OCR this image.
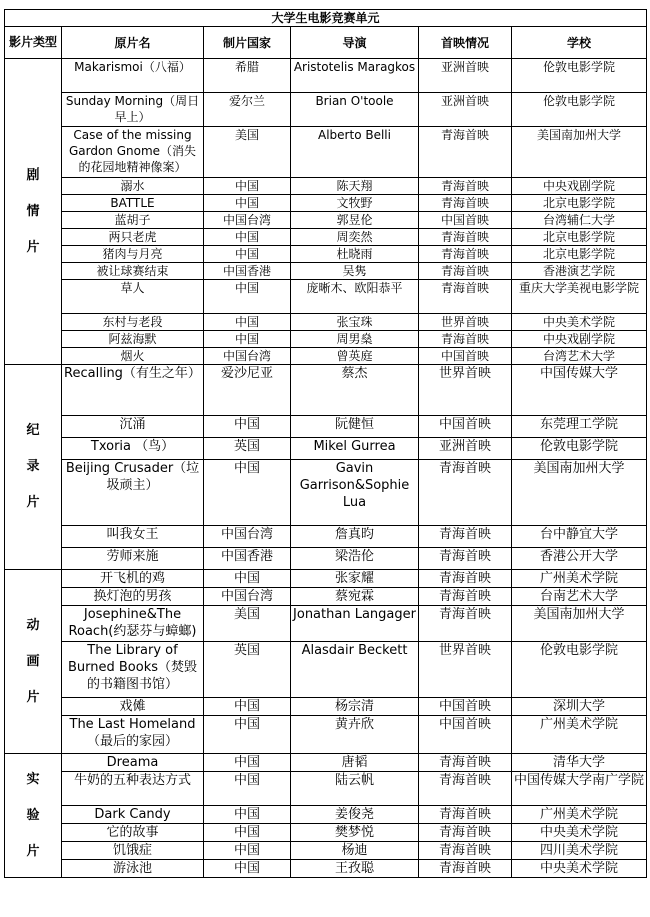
大学生电影竞赛单元					
影片类型	原片名	制片国家	导演	首映情况	学校

剧
情
片	Makarismoi（八福）	希腊	Aristotelis Maragkos	亚洲首映	伦敦电影学院
	Sunday Morning（周日早上）	爱尔兰	Brian O'toole	亚洲首映	伦敦电影学院
	Case of the missing Gardon Gnome（消失的花园地精神像案）	美国	Alberto Belli	青海首映	美国南加州大学
	溺水	中国	陈天翔	青海首映	中央戏剧学院
	BATTLE	中国	文牧野	青海首映	北京电影学院
	蓝胡子	中国台湾	郭昱伦	中国首映	台湾辅仁大学
	两只老虎	中国	周奕然	青海首映	北京电影学院
	猪肉与月亮	中国	杜晓雨	青海首映	北京电影学院
	被让球赛结束	中国香港	吴隽	青海首映	香港演艺学院
	草人	中国	庞晰木、欧阳恭平	青海首映	重庆大学美视电影学院
	东村与老段	中国	张宝珠	世界首映	中央美术学院
	阿兹海默	中国	周男燊	青海首映	中央戏剧学院
	烟火	中国台湾	曾英庭	中国首映	台湾艺术大学

纪
录
片	Recalling（有生之年）	爱沙尼亚	蔡杰	世界首映	中国传媒大学
	沉涌	中国	阮健恒	中国首映	东莞理工学院
	Txoria （鸟）	英国	Mikel Gurrea	亚洲首映	伦敦电影学院
	Beijing Crusader（垃圾顽主）	中国	Gavin Garrison&Sophie Lua	青海首映	美国南加州大学
	叫我女王	中国台湾	詹真昀	青海首映	台中静宜大学
	劳师来施	中国香港	梁浩伦	青海首映	香港公开大学

动
画
片	开飞机的鸡	中国	张家耀	青海首映	广州美术学院
	换灯泡的男孩	中国台湾	蔡宛霖	青海首映	台南艺术大学
	Josephine&The Roach(约瑟芬与蟑螂)	美国	Jonathan Langager	青海首映	美国南加州大学
	The Library of Burned Books（焚毁的书籍图书馆）	英国	Alasdair Beckett	世界首映	伦敦电影学院
	戏傩	中国	杨宗清	中国首映	深圳大学
	The Last Homeland（最后的家园）	中国	黄卉欣	中国首映	广州美术学院

实
验
片	Dreama	中国	唐韬	青海首映	清华大学
	牛奶的五种表达方式	中国	陆云帆	青海首映	中国传媒大学南广学院
	Dark Candy	中国	姜俊尧	青海首映	广州美术学院
	它的故事	中国	樊梦悦	青海首映	中央美术学院
	饥饿症	中国	杨迪	青海首映	四川美术学院
	游泳池	中国	王孜聪	青海首映	中央美术学院
